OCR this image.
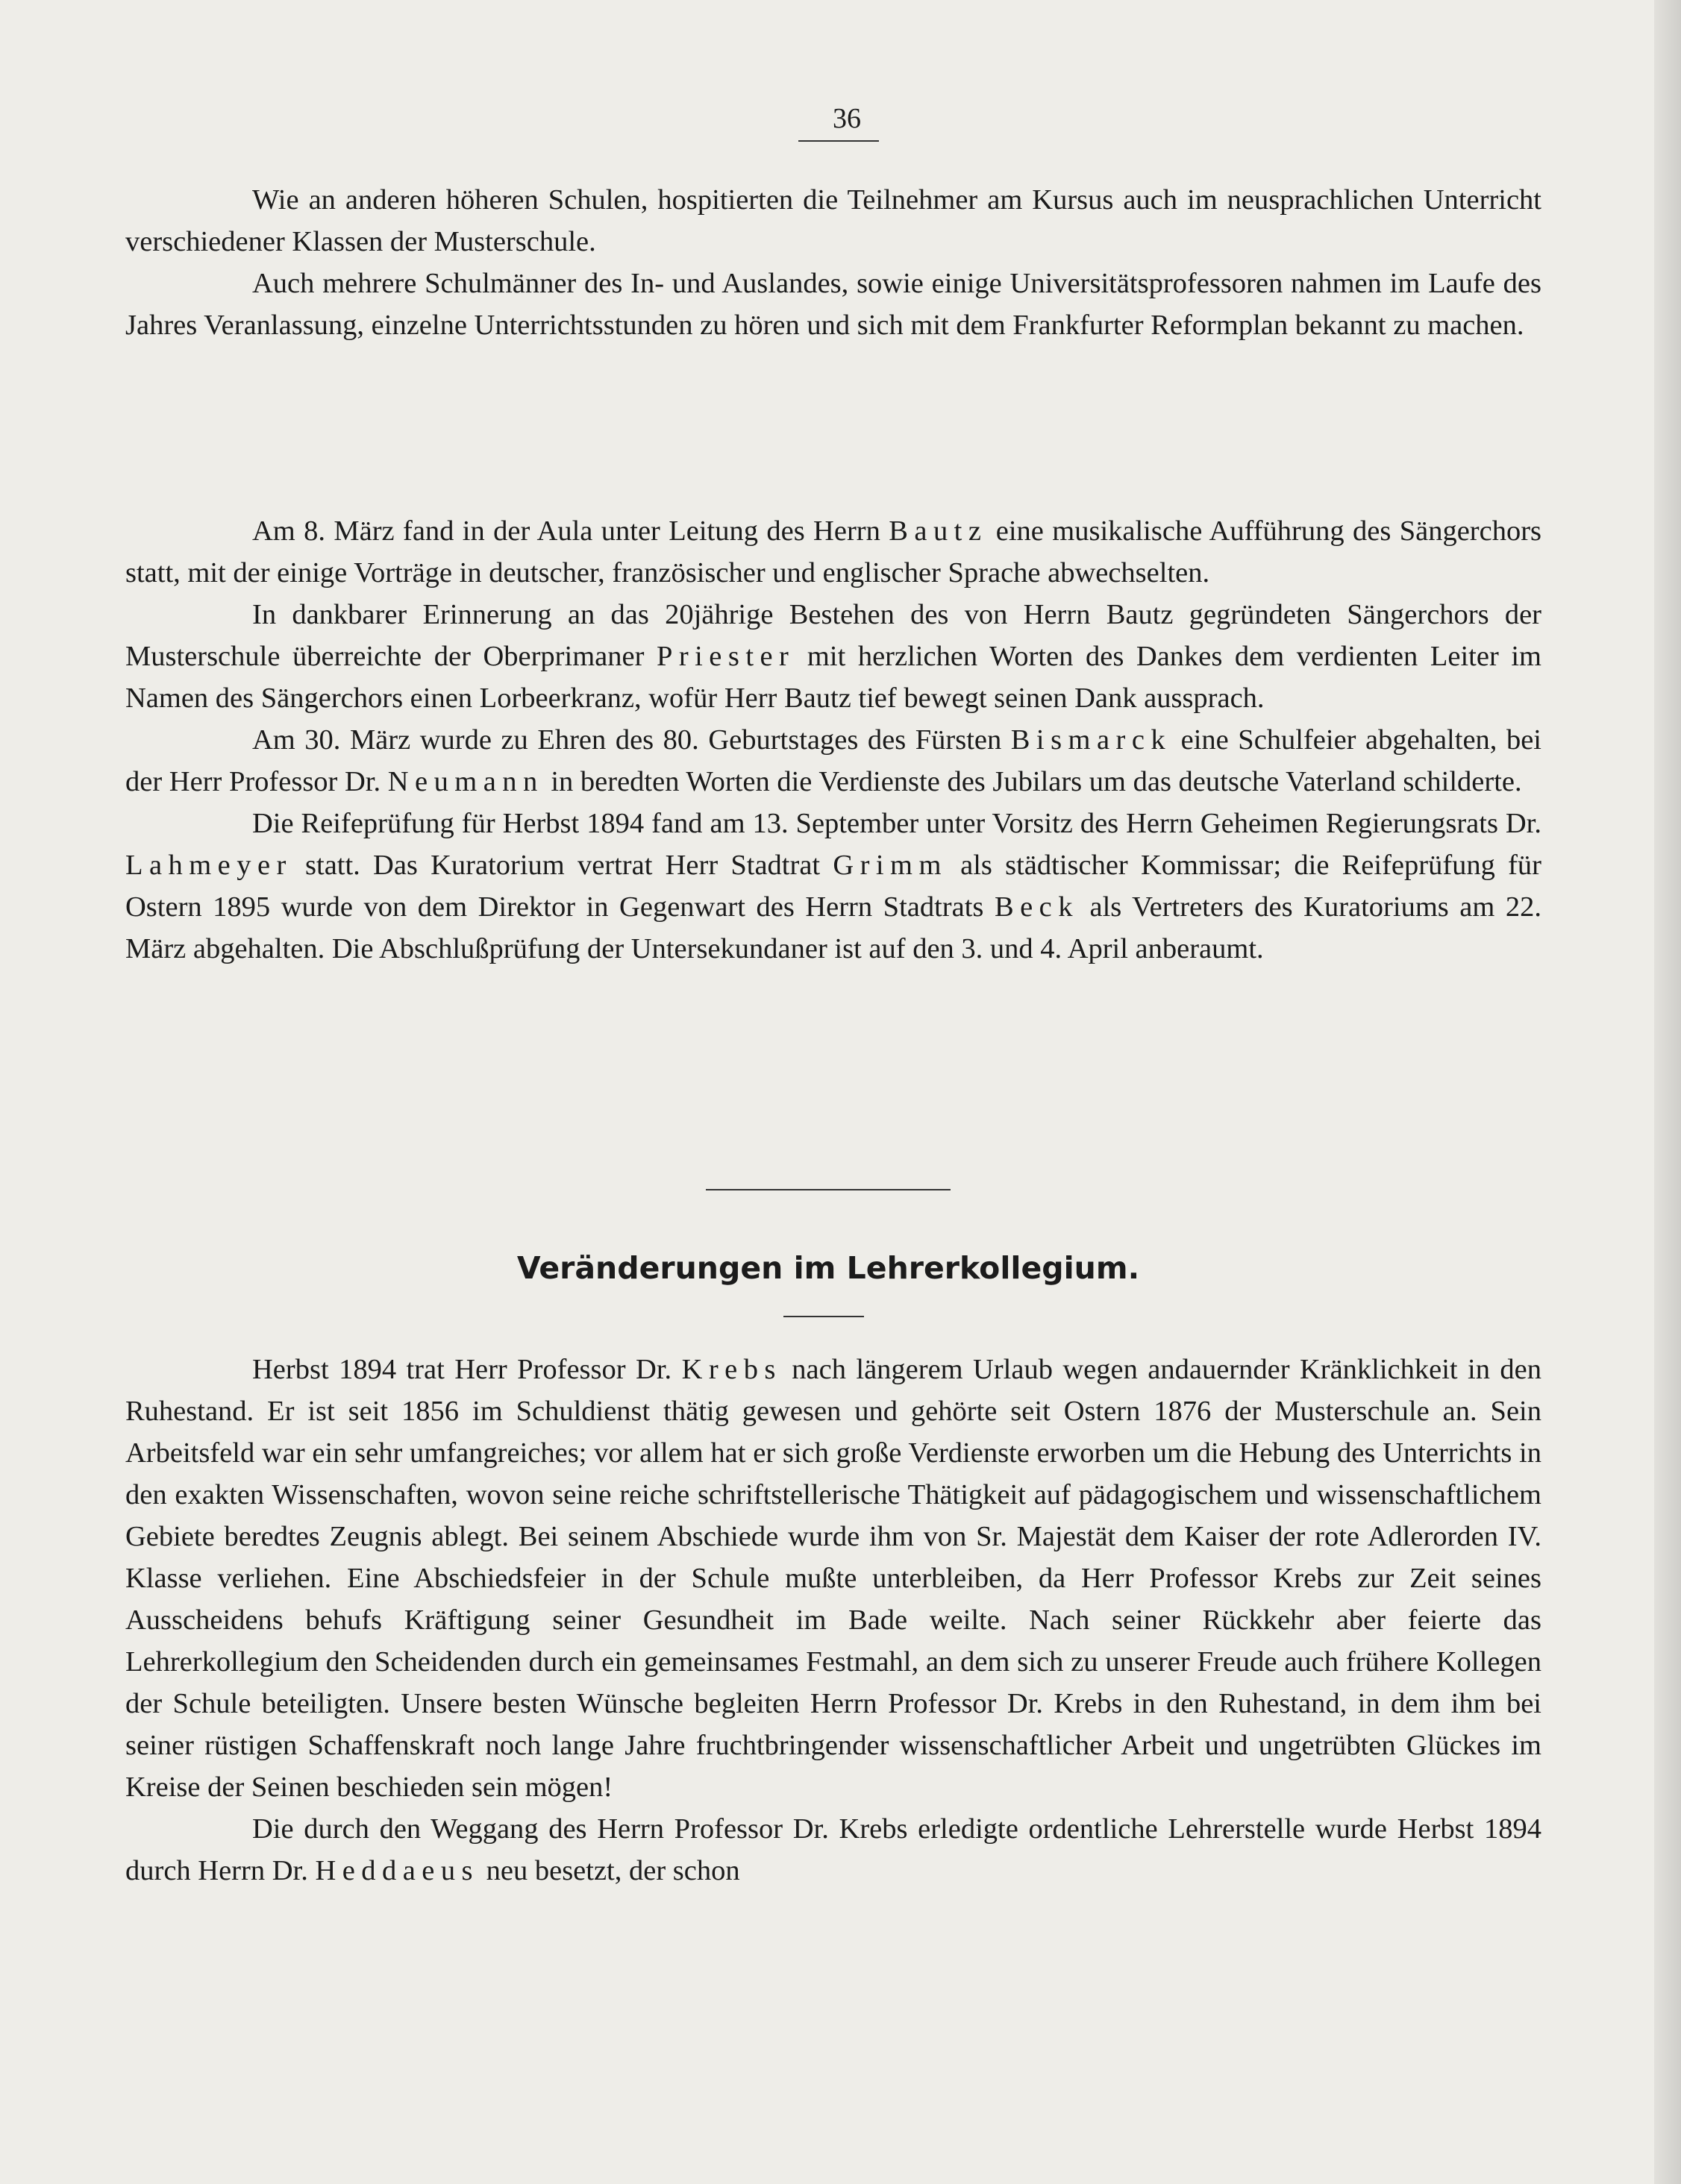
36

Wie an anderen höheren Schulen, hospitierten die Teilnehmer am Kursus auch im neusprachlichen Unterricht verschiedener Klassen der Musterschule.

Auch mehrere Schulmänner des In- und Auslandes, sowie einige Universitätsprofessoren nahmen im Laufe des Jahres Veranlassung, einzelne Unterrichtsstunden zu hören und sich mit dem Frankfurter Reformplan bekannt zu machen.

Am 8. März fand in der Aula unter Leitung des Herrn Bautz eine musikalische Aufführung des Sängerchors statt, mit der einige Vorträge in deutscher, französischer und englischer Sprache abwechselten.

In dankbarer Erinnerung an das 20jährige Bestehen des von Herrn Bautz gegründeten Sängerchors der Musterschule überreichte der Oberprimaner Priester mit herzlichen Worten des Dankes dem verdienten Leiter im Namen des Sängerchors einen Lorbeerkranz, wofür Herr Bautz tief bewegt seinen Dank aussprach.

Am 30. März wurde zu Ehren des 80. Geburtstages des Fürsten Bismarck eine Schulfeier abgehalten, bei der Herr Professor Dr. Neumann in beredten Worten die Verdienste des Jubilars um das deutsche Vaterland schilderte.

Die Reifeprüfung für Herbst 1894 fand am 13. September unter Vorsitz des Herrn Geheimen Regierungsrats Dr. Lahmeyer statt. Das Kuratorium vertrat Herr Stadtrat Grimm als städtischer Kommissar; die Reifeprüfung für Ostern 1895 wurde von dem Direktor in Gegenwart des Herrn Stadtrats Beck als Vertreters des Kuratoriums am 22. März abgehalten. Die Abschlußprüfung der Untersekundaner ist auf den 3. und 4. April anberaumt.

Veränderungen im Lehrerkollegium.

Herbst 1894 trat Herr Professor Dr. Krebs nach längerem Urlaub wegen andauernder Kränklichkeit in den Ruhestand. Er ist seit 1856 im Schuldienst thätig gewesen und gehörte seit Ostern 1876 der Musterschule an. Sein Arbeitsfeld war ein sehr umfangreiches; vor allem hat er sich große Verdienste erworben um die Hebung des Unterrichts in den exakten Wissenschaften, wovon seine reiche schriftstellerische Thätigkeit auf pädagogischem und wissenschaftlichem Gebiete beredtes Zeugnis ablegt. Bei seinem Abschiede wurde ihm von Sr. Majestät dem Kaiser der rote Adlerorden IV. Klasse verliehen. Eine Abschiedsfeier in der Schule mußte unterbleiben, da Herr Professor Krebs zur Zeit seines Ausscheidens behufs Kräftigung seiner Gesundheit im Bade weilte. Nach seiner Rückkehr aber feierte das Lehrerkollegium den Scheidenden durch ein gemeinsames Festmahl, an dem sich zu unserer Freude auch frühere Kollegen der Schule beteiligten. Unsere besten Wünsche begleiten Herrn Professor Dr. Krebs in den Ruhestand, in dem ihm bei seiner rüstigen Schaffenskraft noch lange Jahre fruchtbringender wissenschaftlicher Arbeit und ungetrübten Glückes im Kreise der Seinen beschieden sein mögen!

Die durch den Weggang des Herrn Professor Dr. Krebs erledigte ordentliche Lehrerstelle wurde Herbst 1894 durch Herrn Dr. Heddaeus neu besetzt, der schon
